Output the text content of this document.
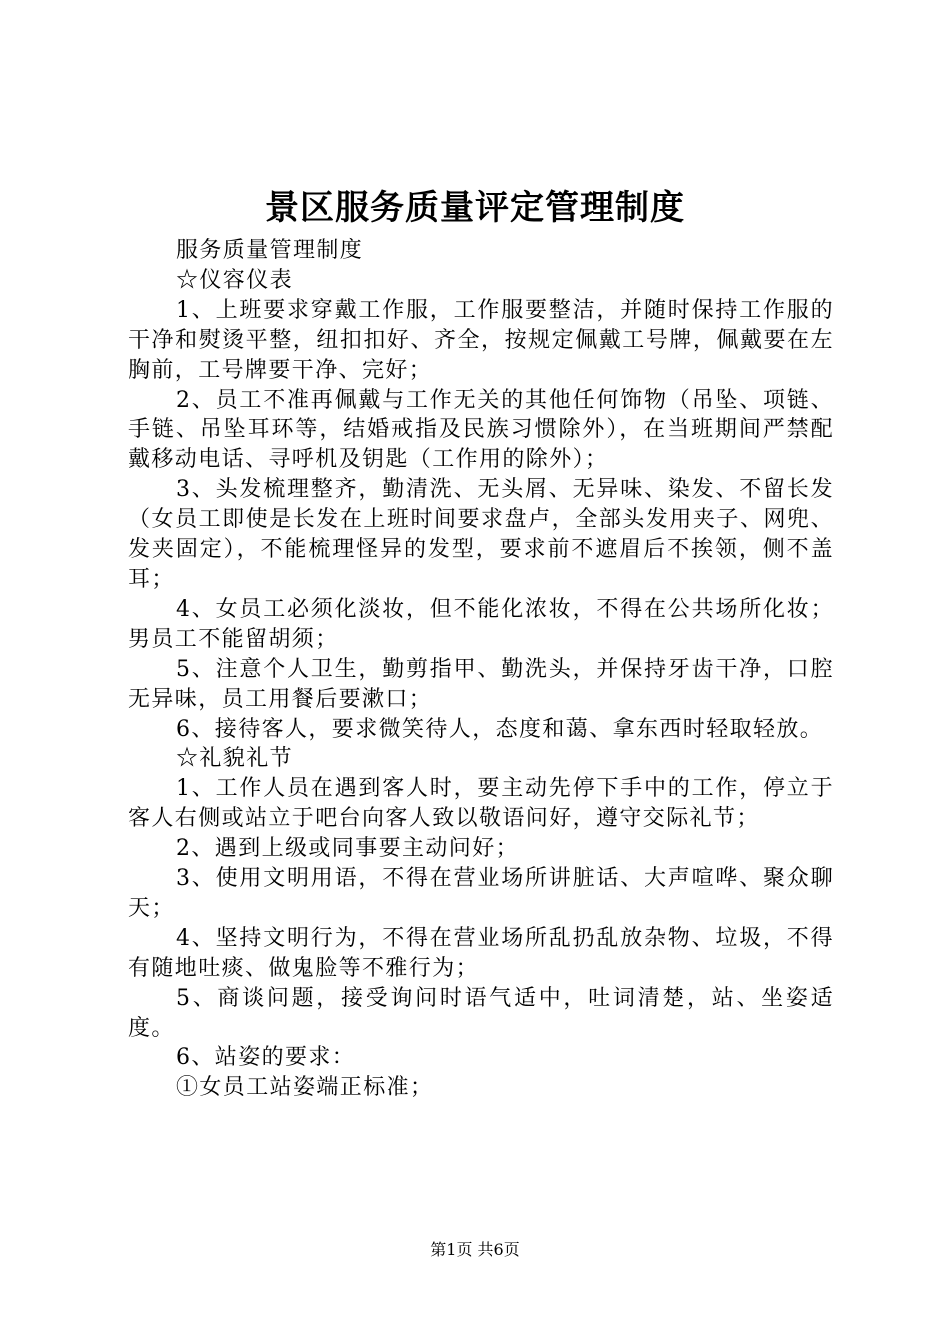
景区服务质量评定管理制度

服务质量管理制度

☆仪容仪表

1、上班要求穿戴工作服，工作服要整洁，并随时保持工作服的干净和熨烫平整，纽扣扣好、齐全，按规定佩戴工号牌，佩戴要在左胸前，工号牌要干净、完好；

2、员工不准再佩戴与工作无关的其他任何饰物（吊坠、项链、手链、吊坠耳环等，结婚戒指及民族习惯除外），在当班期间严禁配戴移动电话、寻呼机及钥匙（工作用的除外）；

3、头发梳理整齐，勤清洗、无头屑、无异味、染发、不留长发（女员工即使是长发在上班时间要求盘卢，全部头发用夹子、网兜、发夹固定），不能梳理怪异的发型，要求前不遮眉后不挨领，侧不盖耳；

4、女员工必须化淡妆，但不能化浓妆，不得在公共场所化妆；男员工不能留胡须；

5、注意个人卫生，勤剪指甲、勤洗头，并保持牙齿干净，口腔无异味，员工用餐后要漱口；

6、接待客人，要求微笑待人，态度和蔼、拿东西时轻取轻放。

☆礼貌礼节

1、工作人员在遇到客人时，要主动先停下手中的工作，停立于客人右侧或站立于吧台向客人致以敬语问好，遵守交际礼节；

2、遇到上级或同事要主动问好；

3、使用文明用语，不得在营业场所讲脏话、大声喧哗、聚众聊天；

4、坚持文明行为，不得在营业场所乱扔乱放杂物、垃圾，不得有随地吐痰、做鬼脸等不雅行为；

5、商谈问题，接受询问时语气适中，吐词清楚，站、坐姿适度。

6、站姿的要求：

①女员工站姿端正标准；

第1页 共6页
